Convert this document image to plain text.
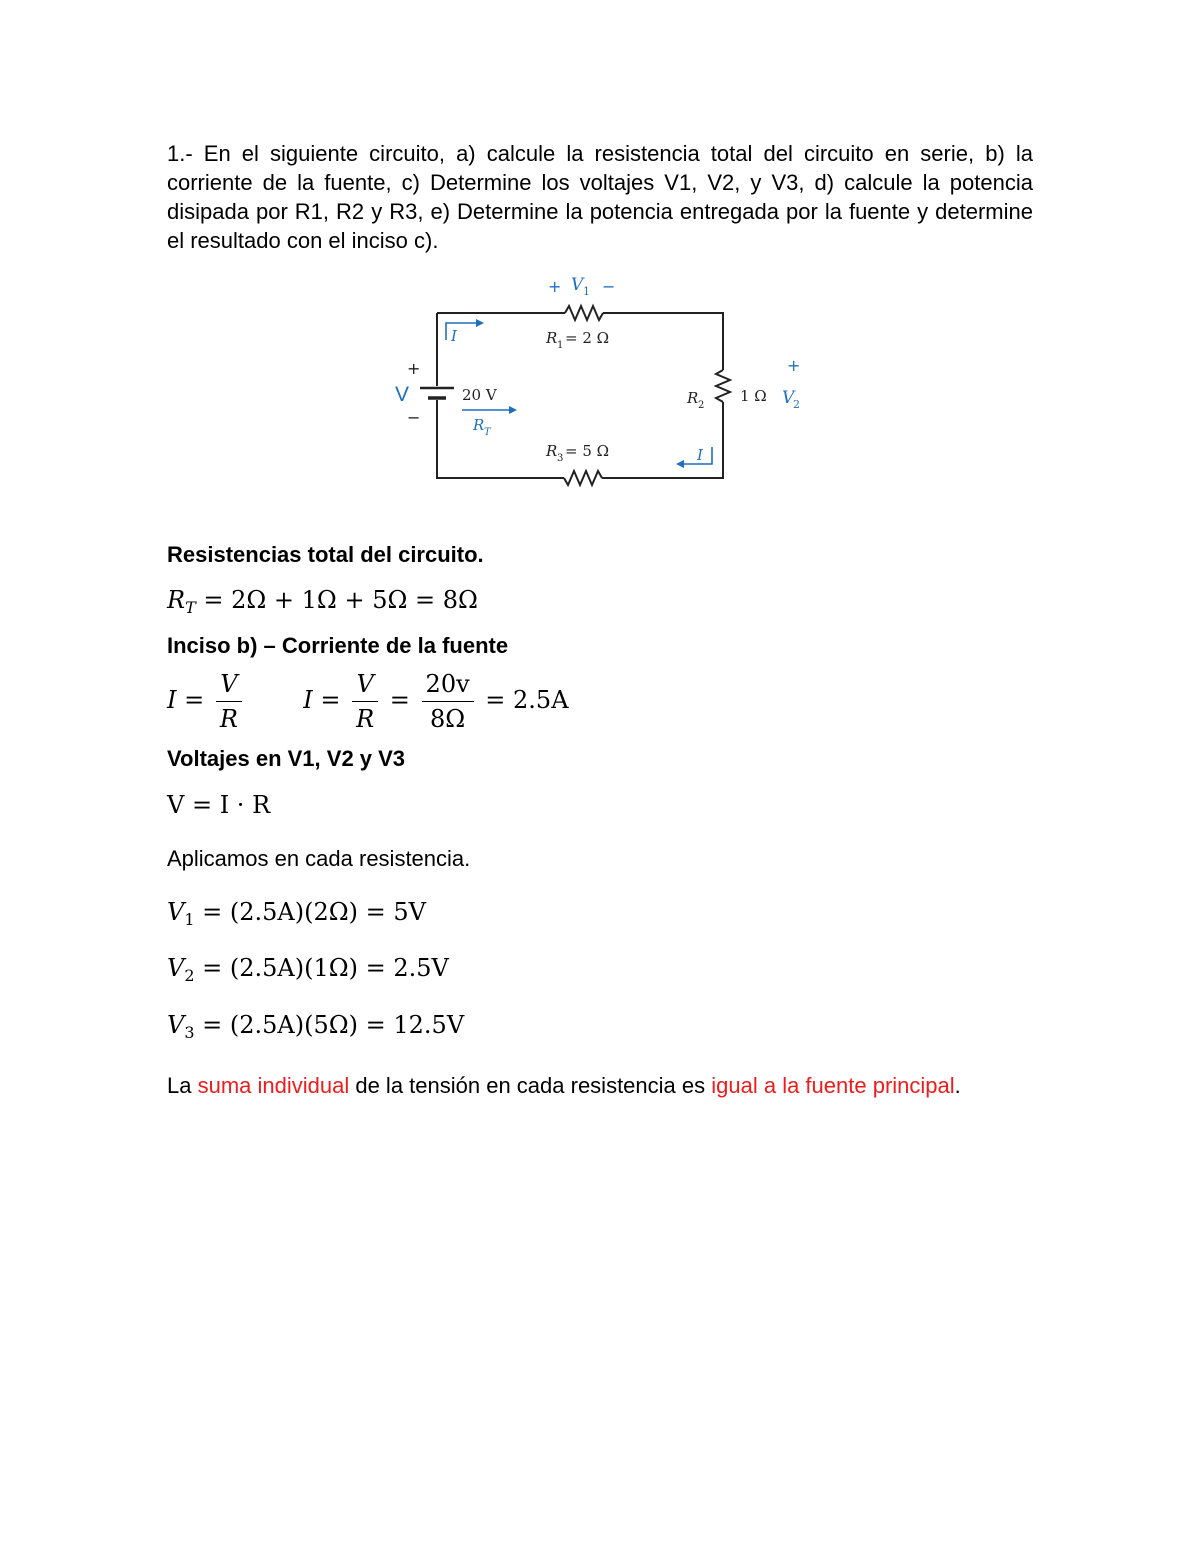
1.- En el siguiente circuito, a) calcule la resistencia total del circuito en serie, b) la corriente de la fuente, c) Determine los voltajes V1, V2, y V3, d) calcule la potencia disipada por R1, R2 y R3, e) Determine la potencia entregada por la fuente y determine el resultado con el inciso c).

I
I
+ V 1 −
R 1 = 2 Ω
+
V
−
20 V
R T
R 2
1 Ω
+
V
2
R 3 = 5 Ω
Resistencias total del circuito.
$R_T = 2\Omega + 1\Omega + 5\Omega = 8\Omega$
Inciso b) – Corriente de la fuente
$I = \frac{V}{R}$	$I = \frac{V}{R} = \frac{20v}{8\Omega} = 2.5A$
Voltajes en V1, V2 y V3
V = I · R
Aplicamos en cada resistencia.
$V_1 = (2.5A)(2\Omega) = 5V$
$V_2 = (2.5A)(1\Omega) = 2.5V$
$V_3 = (2.5A)(5\Omega) = 12.5V$
La suma individual de la tensión en cada resistencia es igual a la fuente principal.
